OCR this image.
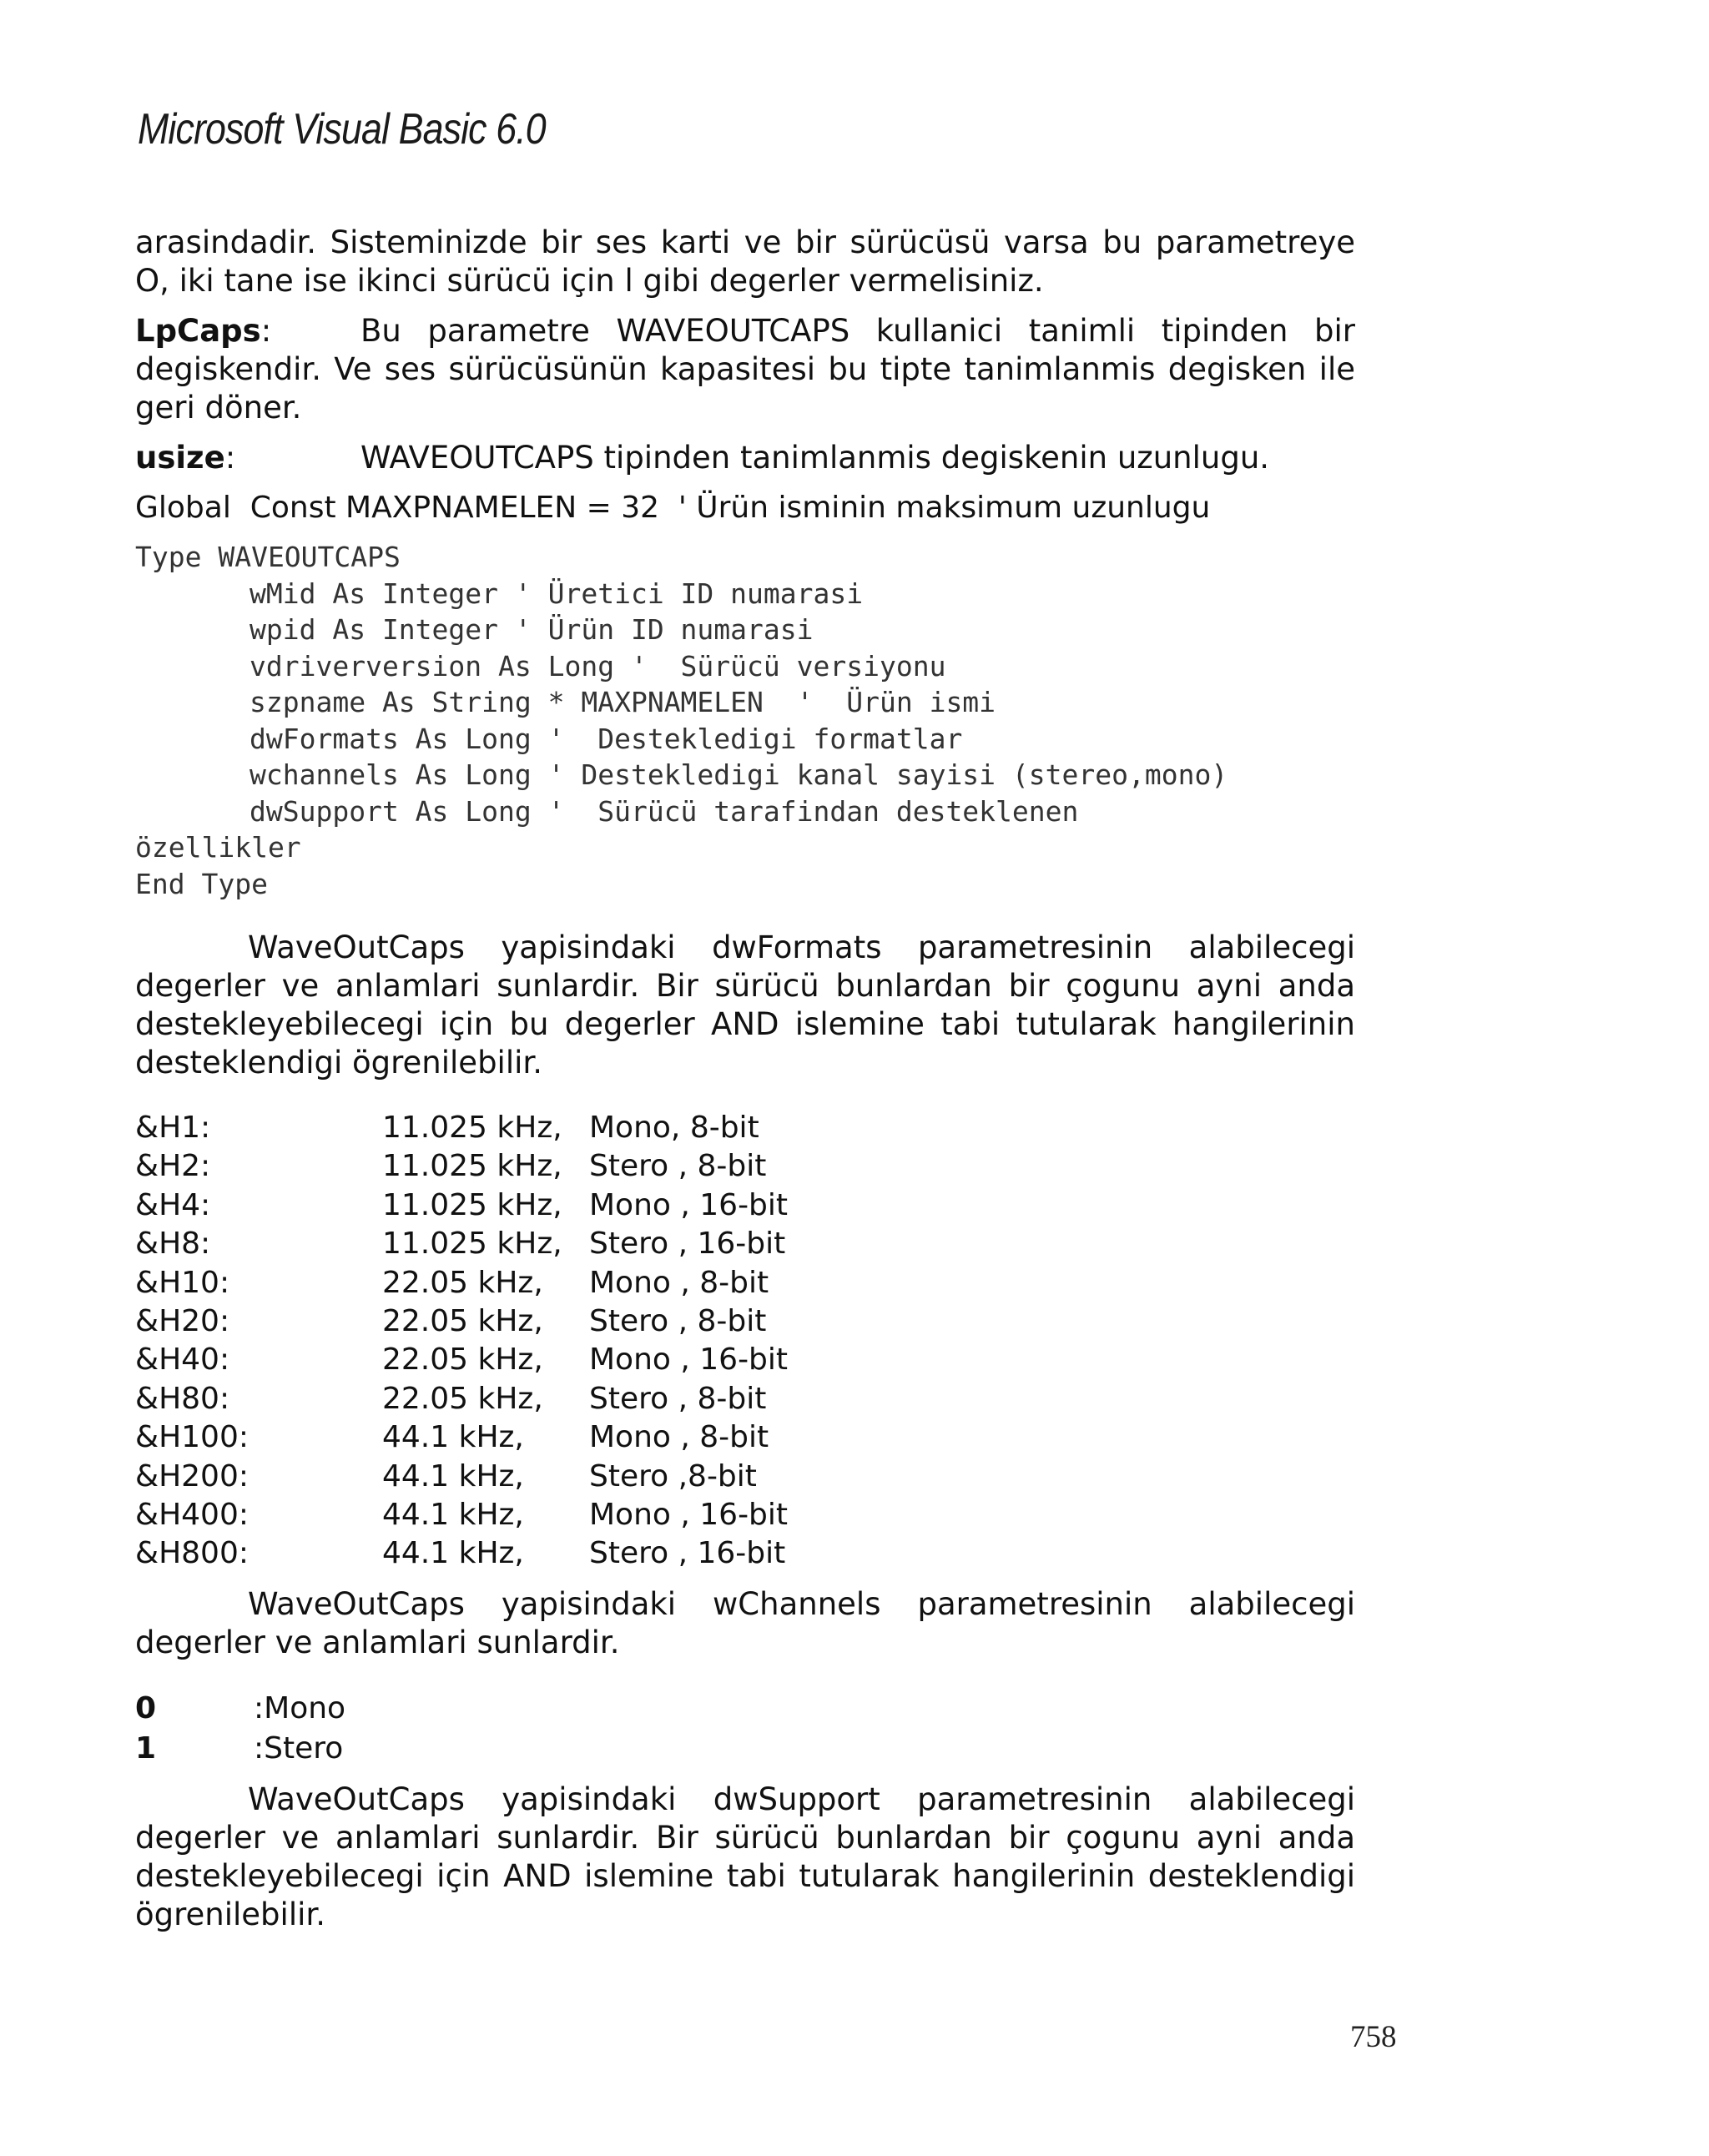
Microsoft Visual Basic 6.0

arasindadir. Sisteminizde bir ses karti ve bir sürücüsü varsa bu parametreye O, iki tane ise ikinci sürücü için l gibi degerler vermelisiniz.

LpCaps:	Bu parametre WAVEOUTCAPS kullanici tanimli tipinden bir degiskendir. Ve ses sürücüsünün kapasitesi bu tipte tanimlanmis degisken ile geri döner.

usize:	WAVEOUTCAPS tipinden tanimlanmis degiskenin uzunlugu.

Global  Const MAXPNAMELEN = 32  ' Ürün isminin maksimum uzunlugu

Type WAVEOUTCAPS
wMid As Integer ' Üretici ID numarasi
wpid As Integer ' Ürün ID numarasi
vdriverversion As Long '  Sürücü versiyonu
szpname As String * MAXPNAMELEN  '  Ürün ismi
dwFormats As Long '  Destekledigi formatlar
wchannels As Long ' Destekledigi kanal sayisi (stereo,mono)
dwSupport As Long '  Sürücü tarafindan desteklenen
özellikler
End Type

WaveOutCaps yapisindaki dwFormats parametresinin alabilecegi degerler ve anlamlari sunlardir. Bir sürücü bunlardan bir çogunu ayni anda destekleyebilecegi için bu degerler AND islemine tabi tutularak hangilerinin desteklendigi ögrenilebilir.

&H1:	11.025 kHz,	Mono, 8-bit
&H2:	11.025 kHz,	Stero , 8-bit
&H4:	11.025 kHz,	Mono , 16-bit
&H8:	11.025 kHz,	Stero , 16-bit
&H10:	22.05 kHz,	Mono , 8-bit
&H20:	22.05 kHz,	Stero , 8-bit
&H40:	22.05 kHz,	Mono , 16-bit
&H80:	22.05 kHz,	Stero , 8-bit
&H100:	44.1 kHz,	Mono , 8-bit
&H200:	44.1 kHz,	Stero ,8-bit
&H400:	44.1 kHz,	Mono , 16-bit
&H800:	44.1 kHz,	Stero , 16-bit

WaveOutCaps yapisindaki wChannels parametresinin alabilecegi degerler ve anlamlari sunlardir.

0	:Mono
1	:Stero

WaveOutCaps yapisindaki dwSupport parametresinin alabilecegi degerler ve anlamlari sunlardir. Bir sürücü bunlardan bir çogunu ayni anda destekleyebilecegi için AND islemine tabi tutularak hangilerinin desteklendigi ögrenilebilir.

758
